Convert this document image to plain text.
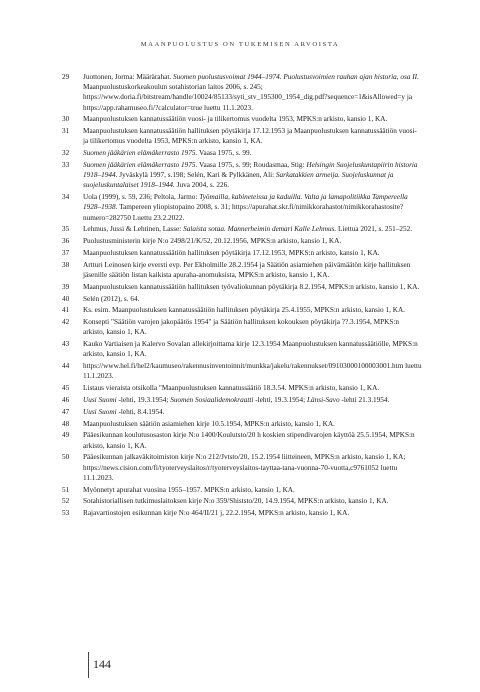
MAANPUOLUSTUS ON TUKEMISEN ARVOISTA
29	Juottonen, Jorma: Määrärahat. Suomen puolustusvoimat 1944–1974. Puolustusvoimien rauhan ajan historia, osa II. Maanpuolustuskorkeakoulun sotahistorian laitos 2006, s. 245; https://www.doria.fi/bitstream/handle/10024/85133/syti_stv_195300_1954_dig.pdf?sequence=1&isAllowed=y ja https://app.rahamuseo.fi/?calculator=true luettu 11.1.2023.
30	Maanpuolustuksen kannatussäätiön vuosi- ja tilikertomus vuodelta 1953, MPKS:n arkisto, kansio 1, KA.
31	Maanpuolustuksen kannatussäätiön hallituksen pöytäkirja 17.12.1953 ja Maanpuolustuksen kannatussäätiön vuosi- ja tilikertomus vuodelta 1953, MPKS:n arkisto, kansio 1, KA.
32	Suomen jääkärien elämäkerrasto 1975. Vaasa 1975, s. 99.
33	Suomen jääkärien elämäkerrasto 1975. Vaasa 1975, s. 99; Roudasmaa, Stig: Helsingin Suojeluskuntapiirin historia 1918–1944. Jyväskylä 1997, s.198; Selén, Kari & Pylkkänen, Ali: Sarkatakkien armeija. Suojeluskunnat ja suojeluskuntalaiset 1918–1944. Juva 2004, s. 226.
34	Uola (1999), s. 59, 236; Peltola, Jarmo: Työmailla, kabineteissa ja kaduilla. Valta ja lamapolitiikka Tampereella 1928–1938. Tampereen yliopistopaino 2008, s. 31; https://apurahat.skr.fi/nimikkorahastot/nimikkorahastosite?numero=282750 Luettu 23.2.2022.
35	Lehmus, Jussi & Lehtinen, Lasse: Salaista sotaa. Mannerheimin demari Kalle Lehmus. Liettua 2021, s. 251–252.
36	Puolustusministerin kirje N:o 2498/21/K/52, 20.12.1956, MPKS:n arkisto, kansio 1, KA.
37	Maanpuolustuksen kannatussäätiön hallituksen pöytäkirja 17.12.1953, MPKS:n arkisto, kansio 1, KA.
38	Artturi Leinosen kirje eversti evp. Per Ekholmille 28.2.1954 ja Säätiön asiamiehen päivämäätön kirje hallituksen jäsenille säätiön listan kaikista apuraha-anomuksista, MPKS:n arkisto, kansio 1, KA.
39	Maanpuolustuksen kannatussäätiön hallituksen työvaliokunnan pöytäkirja 8.2.1954, MPKS:n arkisto, kansio 1, KA.
40	Selén (2012), s. 64.
41	Ks. esim. Maanpuolustuksen kannatussäätiön hallituksen pöytäkirja 25.4.1955, MPKS:n arkisto, kansio 1, KA.
42	Konsepti "Säätiön varojen jakopäätös 1954" ja Säätiön hallituksen kokouksen pöytäkirja ??.3.1954, MPKS:n arkisto, kansio 1, KA.
43	Kauko Vartiaisen ja Kalervo Sovalan allekirjoittama kirje 12.3.1954 Maanpuolustuksen kannatussäätiölle, MPKS:n arkisto, kansio 1, KA.
44	https://www.hel.fi/hel2/kaumuseo/rakennusinventoinnit/munkka/jakelu/rakennukset/09103000100003001.htm luettu 11.1.2023.
45	Listaus vieraista otsikolla "Maanpuolustuksen kannatussäätiö 18.3.54. MPKS:n arkisto, kansio 1, KA.
46	Uusi Suomi -lehti, 19.3.1954; Suomen Sosiaalidemokraatti -lehti, 19.3.1954; Länsi-Savo -lehti 21.3.1954.
47	Uusi Suomi -lehti, 8.4.1954.
48	Maanpuolustuksen säätiön asiamiehen kirje 10.5.1954, MPKS:n arkisto, kansio 1, KA.
49	Pääesikunnan koulutusosaston kirje N:o 1400/Koulutsto/20 h koskien stipendivarojen käyttöä 25.5.1954, MPKS:n arkisto, kansio 1, KA.
50	Pääesikunnan jalkaväkitoimiston kirje N:o 212/Jvtsto/20, 15.2.1954 liitteineen, MPKS:n arkisto, kansio 1, KA; https://news.cision.com/fi/tyoterveyslaitos/r/tyoterveyslaitos-tayttaa-tana-vuonna-70-vuotta,c9761052 luettu 11.1.2023.
51	Myönnetyt apurahat vuosina 1955–1957. MPKS:n arkisto, kansio 1, KA.
52	Sotahistoriallisen tutkimuslaitoksen kirje N:o 359/Shiststo/20, 14.9.1954, MPKS:n arkisto, kansio 1, KA.
53	Rajavartiostojen esikunnan kirje N:o 464/II/21 j, 22.2.1954, MPKS:n arkisto, kansio 1, KA.
144
